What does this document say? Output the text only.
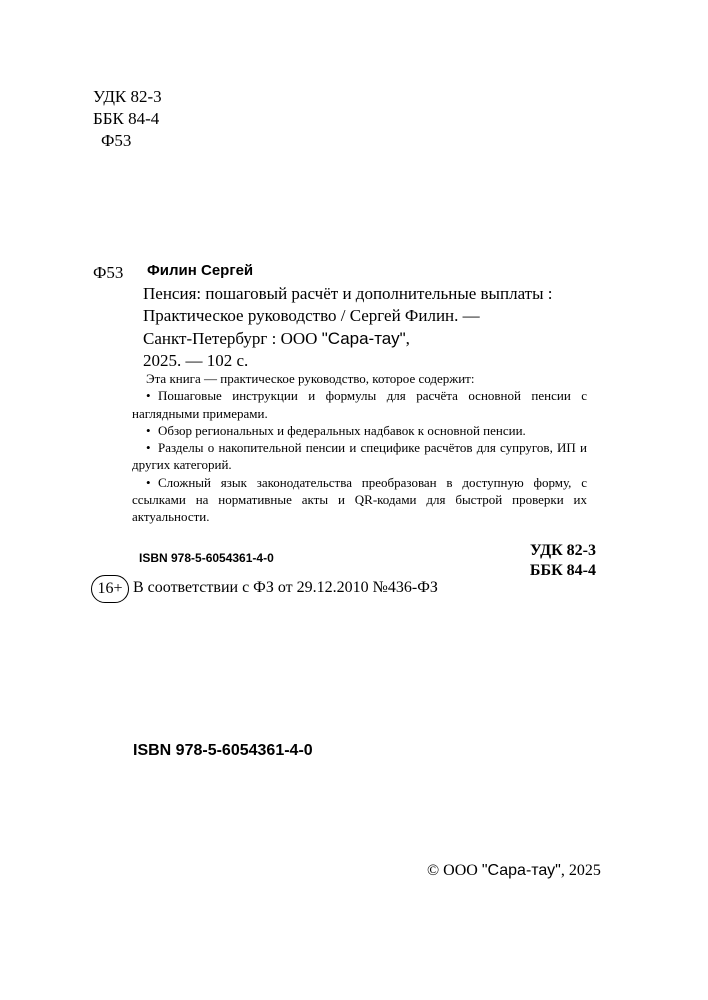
УДК 82-3
ББК 84-4
Ф53
Ф53 Филин Сергей
Пенсия: пошаговый расчёт и дополнительные выплаты :
Практическое руководство / Сергей Филин. —
Санкт-Петербург : ООО "Сара-тау",
2025. — 102 с.

Эта книга — практическое руководство, которое содержит:

• Пошаговые инструкции и формулы для расчёта основной пенсии с наглядными примерами.

• Обзор региональных и федеральных надбавок к основной пенсии.

• Разделы о накопительной пенсии и специфике расчётов для супругов, ИП и других категорий.

• Сложный язык законодательства преобразован в доступную форму, с ссылками на нормативные акты и QR-кодами для быстрой проверки их актуальности.

ISBN 978-5-6054361-4-0	УДК 82-3
ББК 84-4
16+ В соответствии с ФЗ от 29.12.2010 №436-ФЗ
ISBN 978-5-6054361-4-0
© ООО "Сара-тау", 2025
